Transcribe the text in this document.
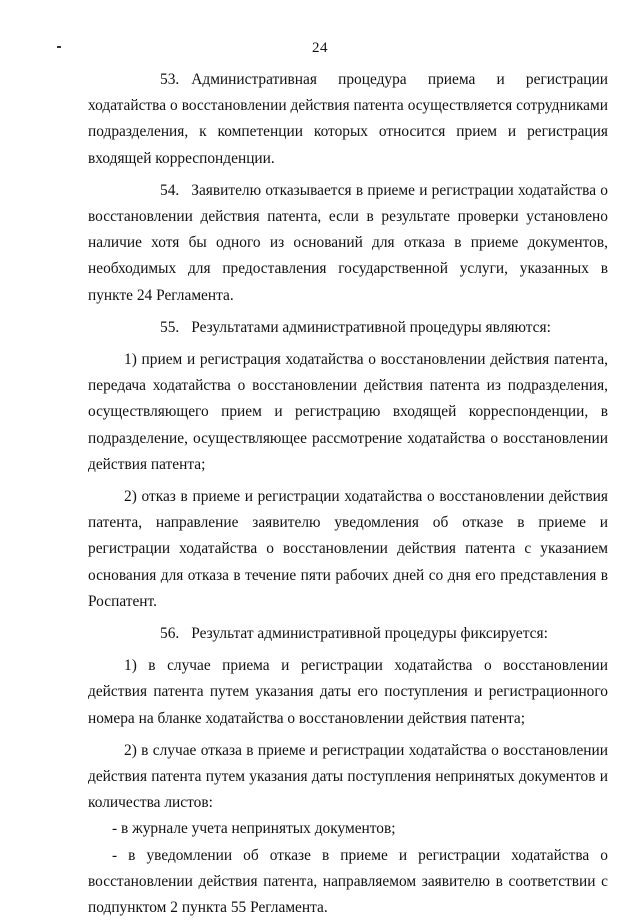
24

53. Административная процедура приема и регистрации ходатайства о восстановлении действия патента осуществляется сотрудниками подразделения, к компетенции которых относится прием и регистрация входящей корреспонденции.

54. Заявителю отказывается в приеме и регистрации ходатайства о восстановлении действия патента, если в результате проверки установлено наличие хотя бы одного из оснований для отказа в приеме документов, необходимых для предоставления государственной услуги, указанных в пункте 24 Регламента.

55. Результатами административной процедуры являются:

1) прием и регистрация ходатайства о восстановлении действия патента, передача ходатайства о восстановлении действия патента из подразделения, осуществляющего прием и регистрацию входящей корреспонденции, в подразделение, осуществляющее рассмотрение ходатайства о восстановлении действия патента;

2) отказ в приеме и регистрации ходатайства о восстановлении действия патента, направление заявителю уведомления об отказе в приеме и регистрации ходатайства о восстановлении действия патента с указанием основания для отказа в течение пяти рабочих дней со дня его представления в Роспатент.

56. Результат административной процедуры фиксируется:

1) в случае приема и регистрации ходатайства о восстановлении действия патента путем указания даты его поступления и регистрационного номера на бланке ходатайства о восстановлении действия патента;

2) в случае отказа в приеме и регистрации ходатайства о восстановлении действия патента путем указания даты поступления непринятых документов и количества листов:

- в журнале учета непринятых документов;

- в уведомлении об отказе в приеме и регистрации ходатайства о восстановлении действия патента, направляемом заявителю в соответствии с подпунктом 2 пункта 55 Регламента.
